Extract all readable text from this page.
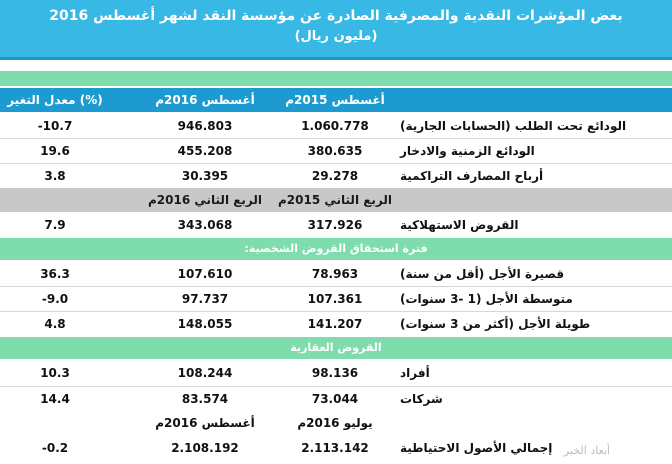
بعض المؤشرات النقدية والمصرفية الصادرة عن مؤسسة النقد لشهر أغسطس 2016
(مليون ريال)
أغسطس 2015م
أغسطس 2016م
معدل التغير (%)
الودائع تحت الطلب (الحسابات الجارية)
1.060.778
946.803
-10.7
الودائع الزمنية والادخار
380.635
455.208
19.6
أرباح المصارف التراكمية
29.278
30.395
3.8
الربع الثاني 2015م
الربع الثاني 2016م
القروض الاستهلاكية
317.926
343.068
7.9
فترة استحقاق القروض الشخصية:
قصيرة الأجل (أقل من سنة)
78.963
107.610
36.3
متوسطة الأجل (1 -3 سنوات)
107.361
97.737
-9.0
طويلة الأجل (أكثر من 3 سنوات)
141.207
148.055
4.8
القروض العقارية
أفراد
98.136
108.244
10.3
شركات
73.044
83.574
14.4
يوليو 2016م
أغسطس 2016م
إجمالي الأصول الاحتياطية
2.113.142
2.108.192
-0.2	أبعاد الخبر
